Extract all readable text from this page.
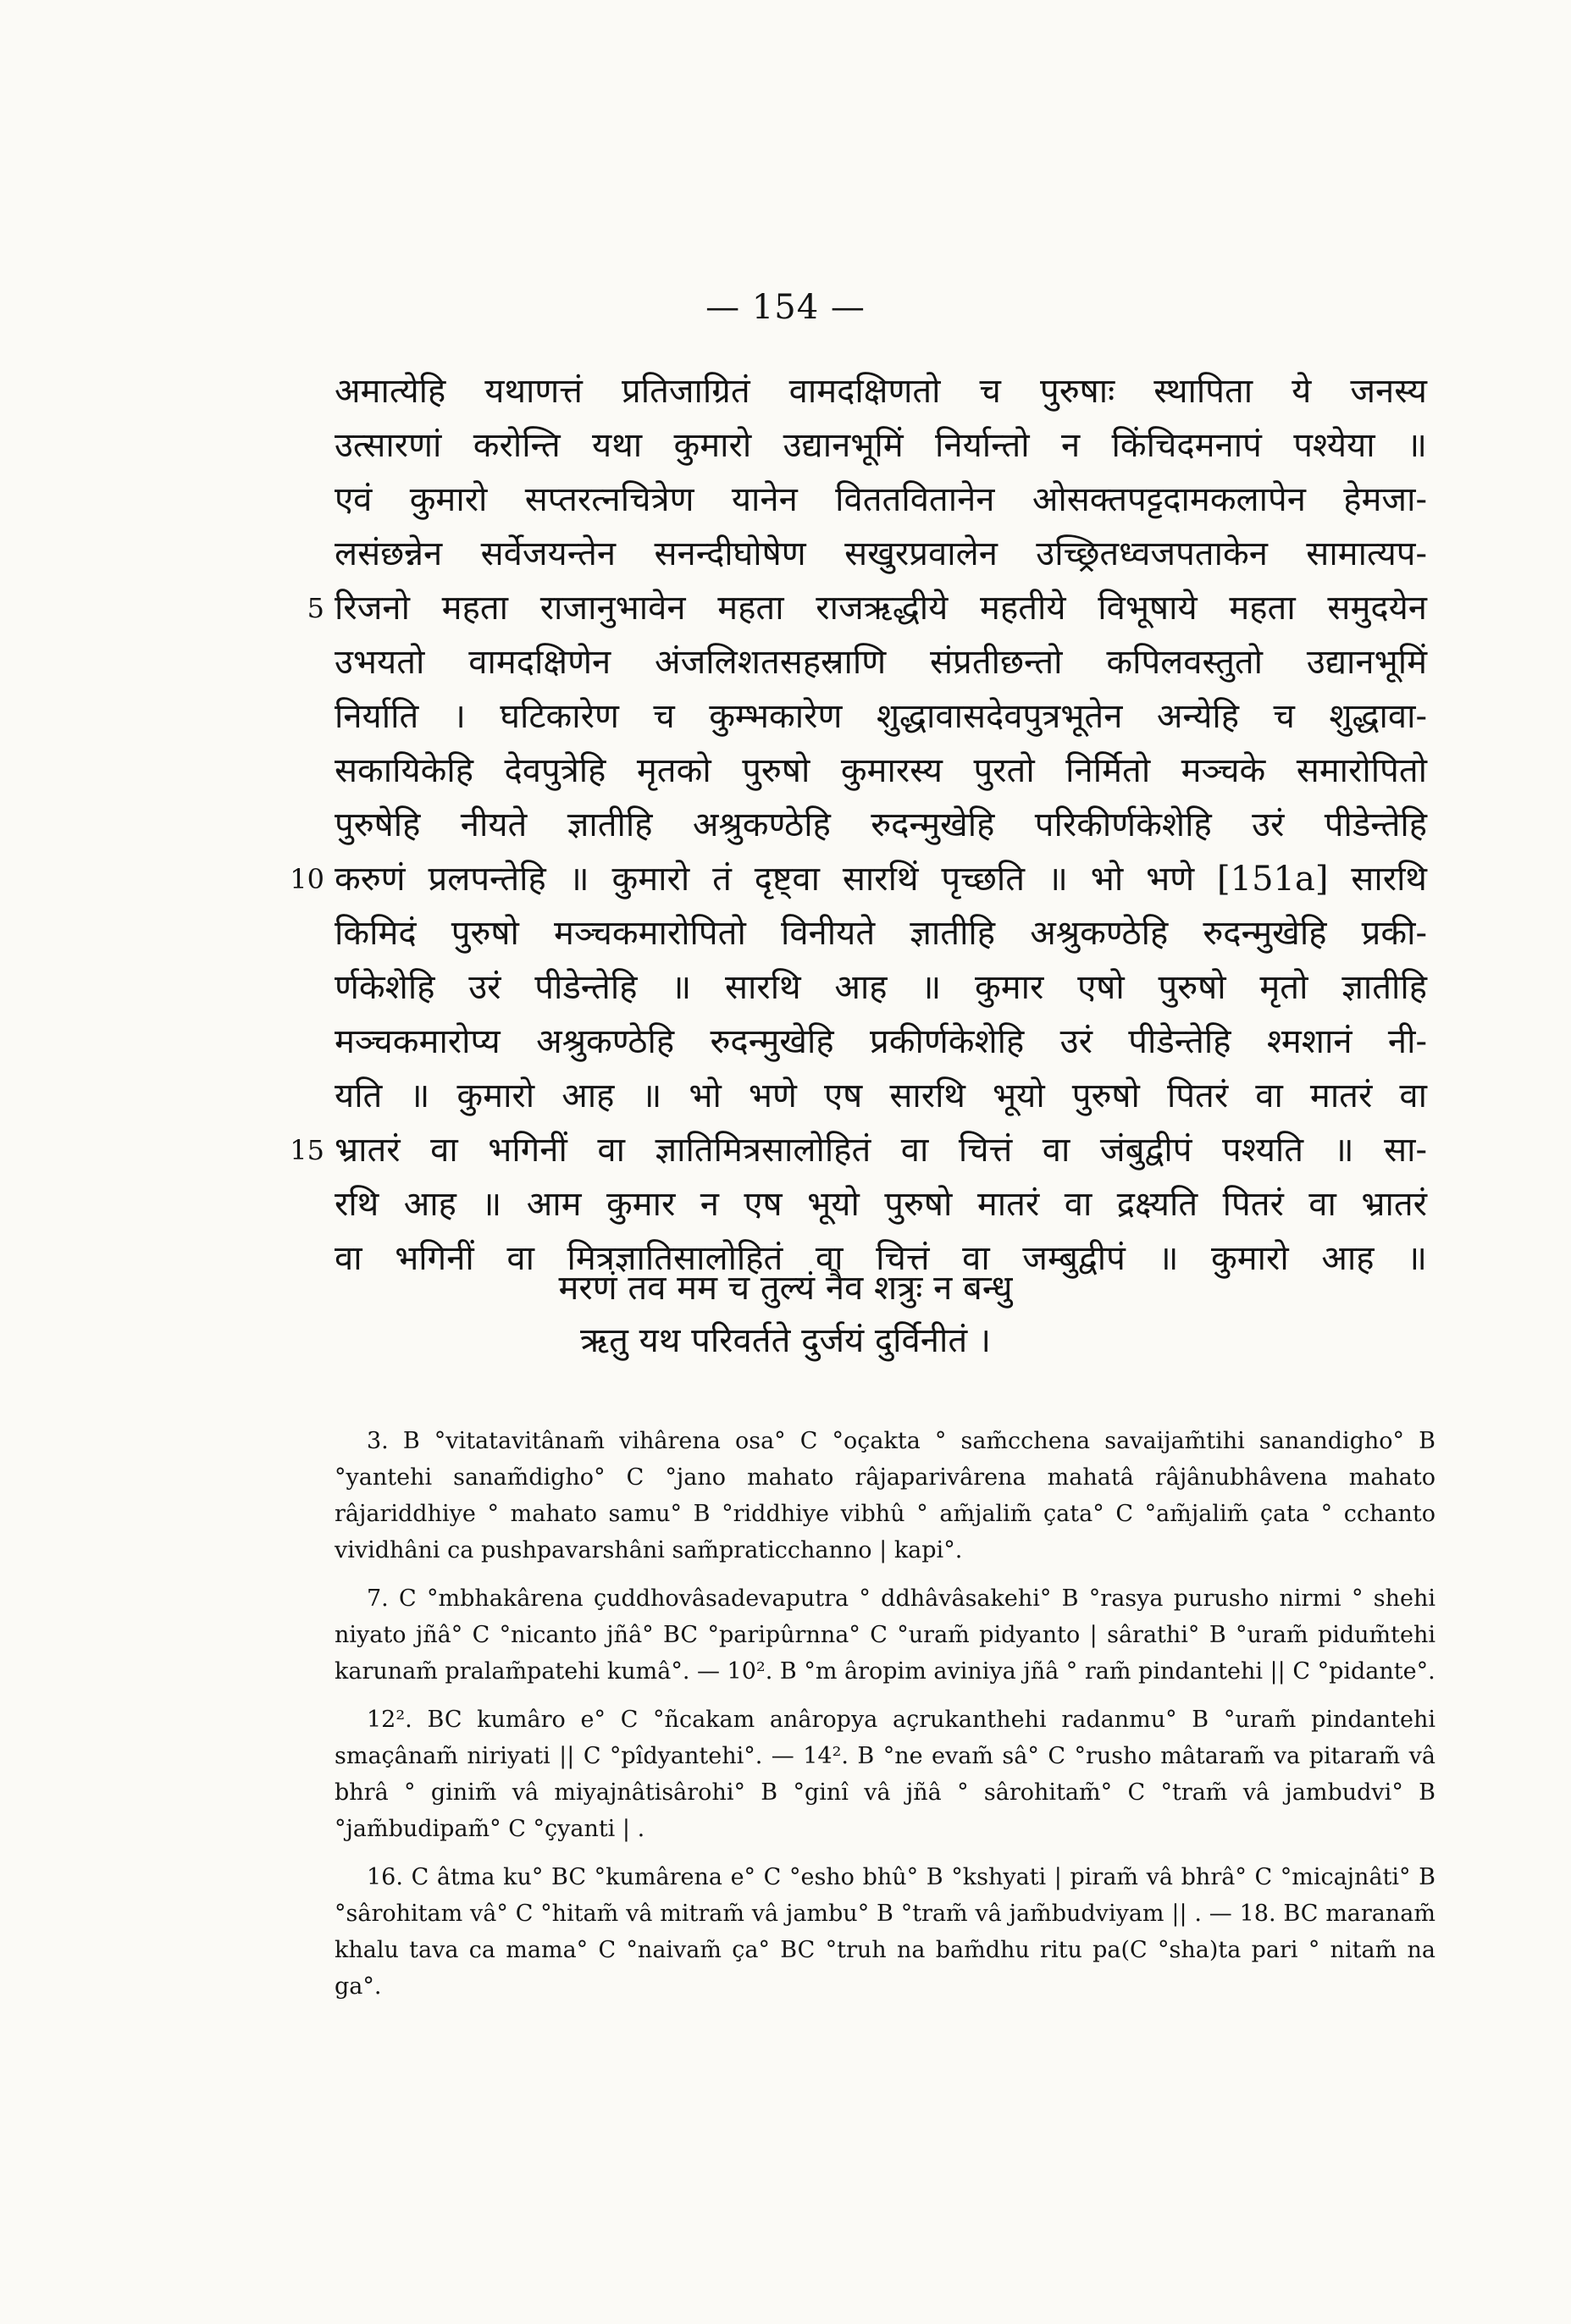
— 154 —
अमात्येहि यथाणत्तं प्रतिजाग्रितं वामदक्षिणतो च पुरुषाः स्थापिता ये जनस्य
उत्सारणां करोन्ति यथा कुमारो उद्यानभूमिं निर्यान्तो न किंचिदमनापं पश्येया ॥
एवं कुमारो सप्तरत्नचित्रेण यानेन विततवितानेन ओसक्तपट्टदामकलापेन हेमजा-
लसंछन्नेन सर्वेजयन्तेन सनन्दीघोषेण सखुरप्रवालेन उच्छ्रितध्वजपताकेन सामात्यप-
5 रिजनो महता राजानुभावेन महता राजऋद्धीये महतीये विभूषाये महता समुदयेन
उभयतो वामदक्षिणेन अंजलिशतसहस्राणि संप्रतीछन्तो कपिलवस्तुतो उद्यानभूमिं
निर्याति । घटिकारेण च कुम्भकारेण शुद्धावासदेवपुत्रभूतेन अन्येहि च शुद्धावा-
सकायिकेहि देवपुत्रेहि मृतको पुरुषो कुमारस्य पुरतो निर्मितो मञ्चके समारोपितो
पुरुषेहि नीयते ज्ञातीहि अश्रुकण्ठेहि रुदन्मुखेहि परिकीर्णकेशेहि उरं पीडेन्तेहि
10 करुणं प्रलपन्तेहि ॥ कुमारो तं दृष्ट्वा सारथिं पृच्छति ॥ भो भणे [151a] सारथि
किमिदं पुरुषो मञ्चकमारोपितो विनीयते ज्ञातीहि अश्रुकण्ठेहि रुदन्मुखेहि प्रकी-
र्णकेशेहि उरं पीडेन्तेहि ॥ सारथि आह ॥ कुमार एषो पुरुषो मृतो ज्ञातीहि
मञ्चकमारोप्य अश्रुकण्ठेहि रुदन्मुखेहि प्रकीर्णकेशेहि उरं पीडेन्तेहि श्मशानं नी-
यति ॥ कुमारो आह ॥ भो भणे एष सारथि भूयो पुरुषो पितरं वा मातरं वा
15 भ्रातरं वा भगिनीं वा ज्ञातिमित्रसालोहितं वा चित्तं वा जंबुद्वीपं पश्यति ॥ सा-
रथि आह ॥ आम कुमार न एष भूयो पुरुषो मातरं वा द्रक्ष्यति पितरं वा भ्रातरं
वा भगिनीं वा मित्रज्ञातिसालोहितं वा चित्तं वा जम्बुद्वीपं ॥ कुमारो आह ॥
मरणं तव मम च तुल्यं नैव शत्रुः न बन्धु
ऋतु यथ परिवर्तते दुर्जयं दुर्विनीतं ।

3. B °vitatavitânam̃ vihârena osa° C °oçakta ° sam̃cchena savaijam̃tihi sanandigho° B °yantehi sanam̃digho° C °jano mahato râjaparivârena mahatâ râjânubhâvena mahato râjariddhiye ° mahato samu° B °riddhiye vibhû ° am̃jalim̃ çata° C °am̃jalim̃ çata ° cchanto vividhâni ca pushpavarshâni sam̃praticchanno | kapi°.

7. C °mbhakârena çuddhovâsadevaputra ° ddhâvâsakehi° B °rasya purusho nirmi ° shehi niyato jñâ° C °nicanto jñâ° BC °paripûrnna° C °uram̃ pidyanto | sârathi° B °uram̃ pidum̃tehi karunam̃ pralam̃patehi kumâ°. — 10². B °m âropim aviniya jñâ ° ram̃ pindantehi || C °pidante°.

12². BC kumâro e° C °ñcakam anâropya açrukanthehi radanmu° B °uram̃ pindantehi smaçânam̃ niriyati || C °pîdyantehi°. — 14². B °ne evam̃ sâ° C °rusho mâtaram̃ va pitaram̃ vâ bhrâ ° ginim̃ vâ miyajnâtisârohi° B °ginî vâ jñâ ° sârohitam̃° C °tram̃ vâ jambudvi° B °jam̃budipam̃° C °çyanti | .

16. C âtma ku° BC °kumârena e° C °esho bhû° B °kshyati | piram̃ vâ bhrâ° C °micajnâti° B °sârohitam vâ° C °hitam̃ vâ mitram̃ vâ jambu° B °tram̃ vâ jam̃budviyam || . — 18. BC maranam̃ khalu tava ca mama° C °naivam̃ ça° BC °truh na bam̃dhu ritu pa(C °sha)ta pari ° nitam̃ na ga°.
